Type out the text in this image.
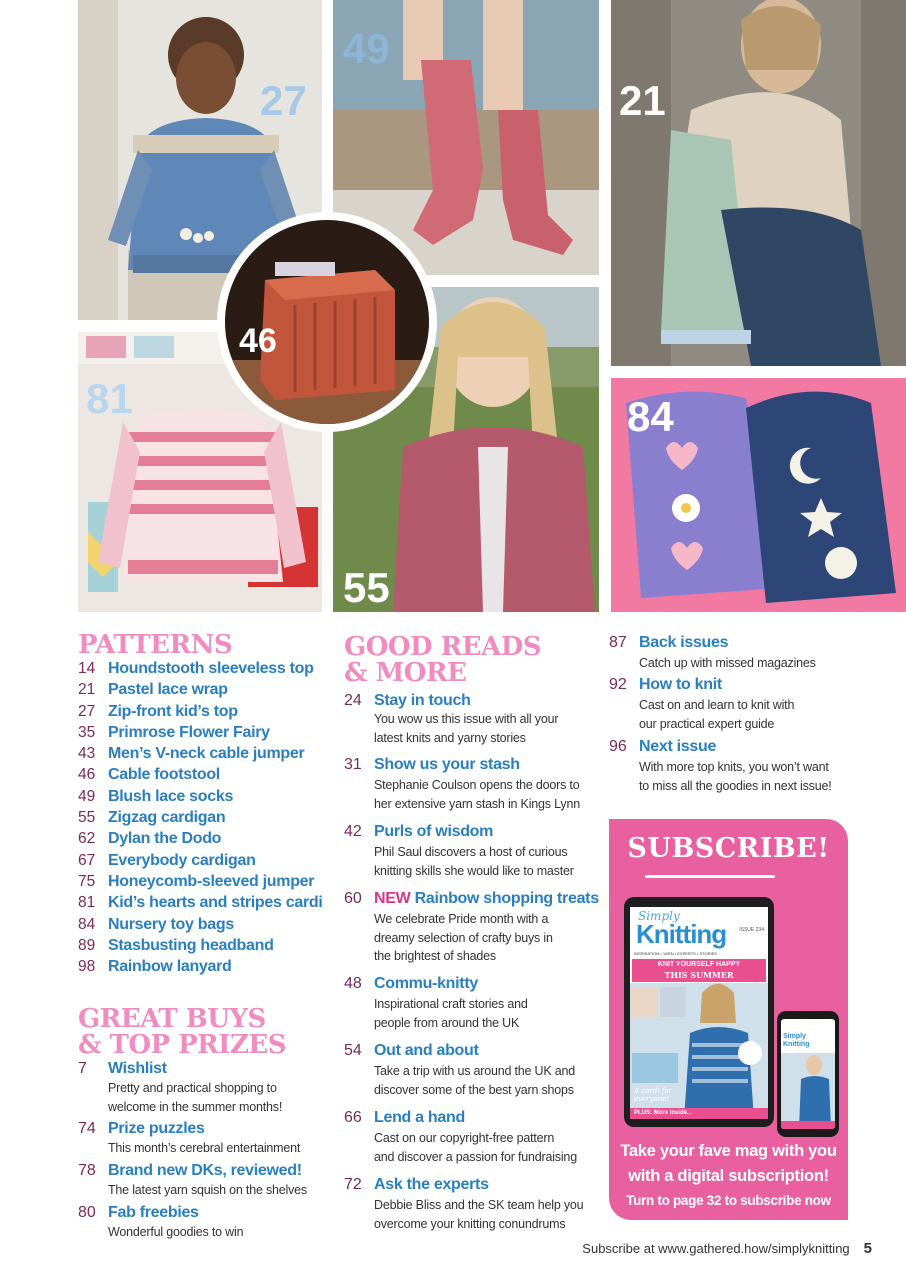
27
49
21
81
55
84
46
PATTERNS
14 Houndstooth sleeveless top
21 Pastel lace wrap
27 Zip-front kid’s top
35 Primrose Flower Fairy
43 Men’s V-neck cable jumper
46 Cable footstool
49 Blush lace socks
55 Zigzag cardigan
62 Dylan the Dodo
67 Everybody cardigan
75 Honeycomb-sleeved jumper
81 Kid’s hearts and stripes cardi
84 Nursery toy bags
89 Stasbusting headband
98 Rainbow lanyard
GREAT BUYS
& TOP PRIZES
7 Wishlist
Pretty and practical shopping to
welcome in the summer months!
74 Prize puzzles
This month’s cerebral entertainment
78 Brand new DKs, reviewed!
The latest yarn squish on the shelves
80 Fab freebies
Wonderful goodies to win
GOOD READS
& MORE
24 Stay in touch
You wow us this issue with all your
latest knits and yarny stories
31 Show us your stash
Stephanie Coulson opens the doors to
her extensive yarn stash in Kings Lynn
42 Purls of wisdom
Phil Saul discovers a host of curious
knitting skills she would like to master
60 NEW Rainbow shopping treats
We celebrate Pride month with a
dreamy selection of crafty buys in
the brightest of shades
48 Commu-knitty
Inspirational craft stories and
people from around the UK
54 Out and about
Take a trip with us around the UK and
discover some of the best yarn shops
66 Lend a hand
Cast on our copyright-free pattern
and discover a passion for fundraising
72 Ask the experts
Debbie Bliss and the SK team help you
overcome your knitting conundrums
87 Back issues
Catch up with missed magazines
92 How to knit
Cast on and learn to knit with
our practical expert guide
96 Next issue
With more top knits, you won’t want
to miss all the goodies in next issue!
SUBSCRIBE!
Simply
Knitting	ISSUE 234
INSPIRATION • YARN • EXPERTS • STORIES
KNIT YOURSELF HAPPY
THIS SUMMER
A cardi for everyone!
PLUS: More inside...
Simply Knitting
Take your fave mag with you
with a digital subscription!
Turn to page 32 to subscribe now
Subscribe at www.gathered.how/simplyknitting 5
